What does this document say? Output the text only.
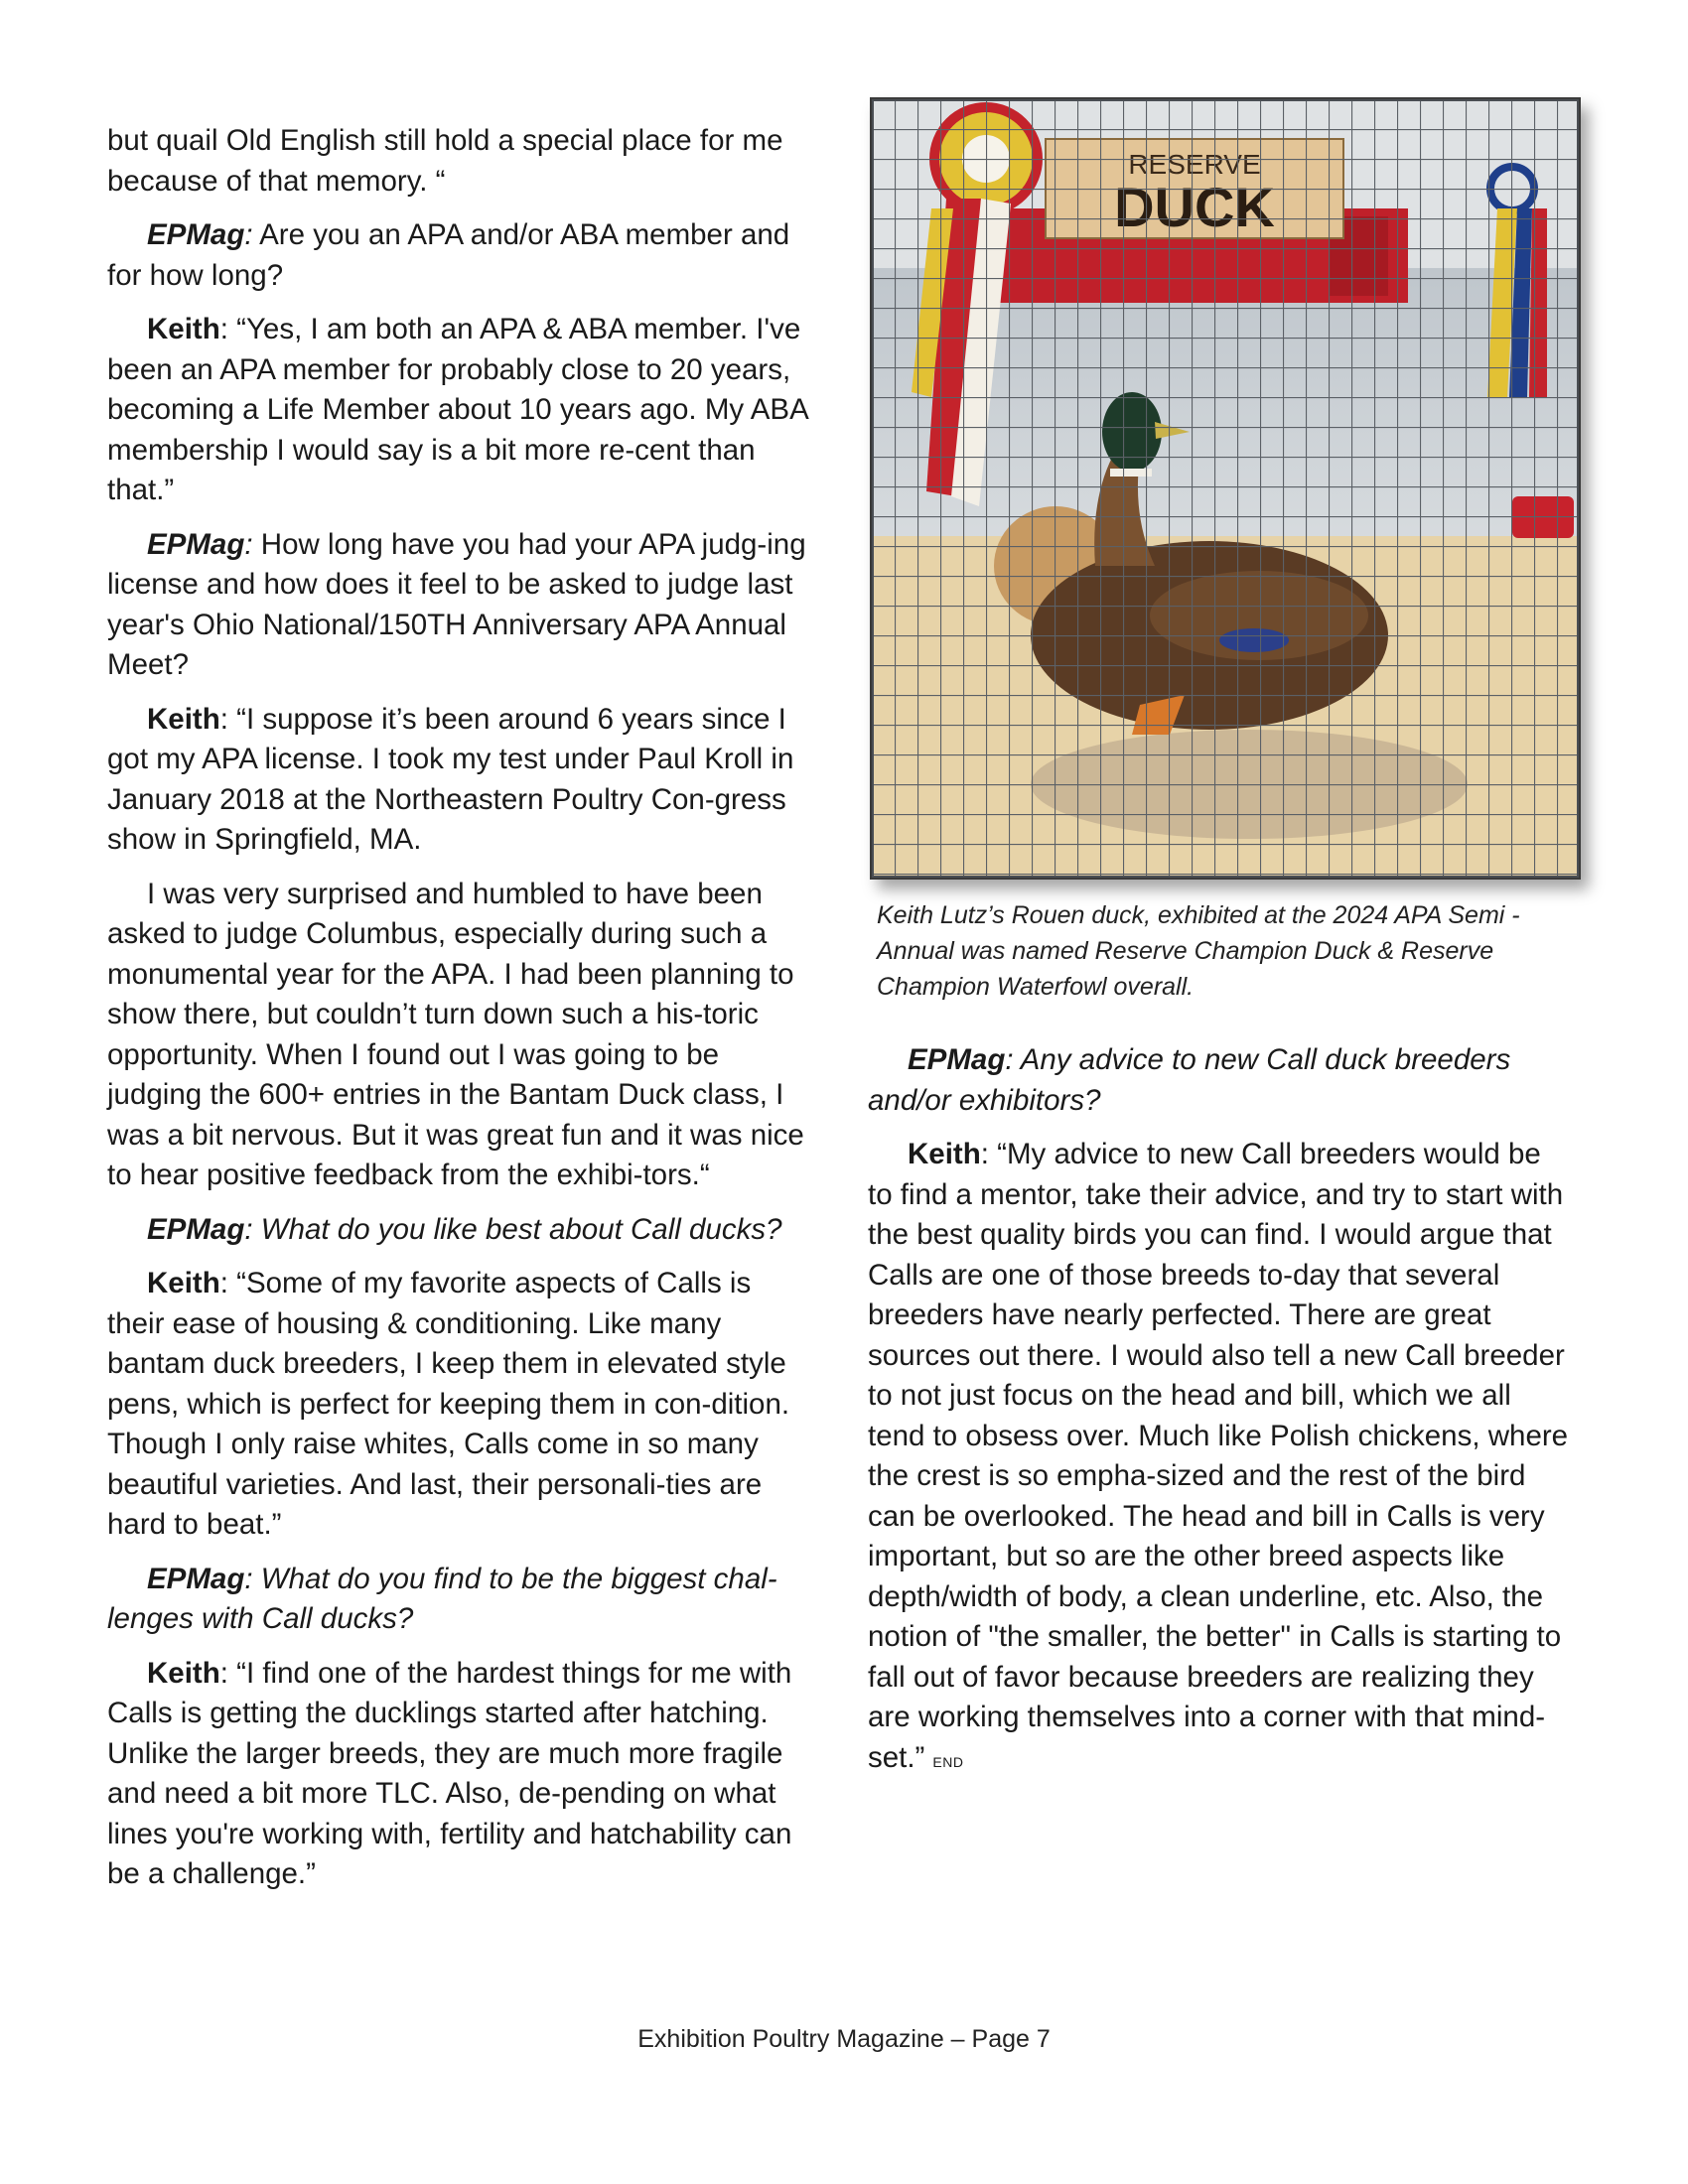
but quail Old English still hold a special place for me because of that memory. “

EPMag: Are you an APA and/or ABA member and for how long?

Keith: “Yes, I am both an APA & ABA member. I've been an APA member for probably close to 20 years, becoming a Life Member about 10 years ago. My ABA membership I would say is a bit more re-cent than that.”

EPMag: How long have you had your APA judg-ing license and how does it feel to be asked to judge last year's Ohio National/150TH Anniversary APA Annual Meet?

Keith: “I suppose it’s been around 6 years since I got my APA license. I took my test under Paul Kroll in January 2018 at the Northeastern Poultry Con-gress show in Springfield, MA.

I was very surprised and humbled to have been asked to judge Columbus, especially during such a monumental year for the APA. I had been planning to show there, but couldn’t turn down such a his-toric opportunity. When I found out I was going to be judging the 600+ entries in the Bantam Duck class, I was a bit nervous. But it was great fun and it was nice to hear positive feedback from the exhibi-tors.“

EPMag: What do you like best about Call ducks?

Keith: “Some of my favorite aspects of Calls is their ease of housing & conditioning. Like many bantam duck breeders, I keep them in elevated style pens, which is perfect for keeping them in con-dition. Though I only raise whites, Calls come in so many beautiful varieties. And last, their personali-ties are hard to beat.”

EPMag: What do you find to be the biggest chal-lenges with Call ducks?

Keith: “I find one of the hardest things for me with Calls is getting the ducklings started after hatching. Unlike the larger breeds, they are much more fragile and need a bit more TLC. Also, de-pending on what lines you're working with, fertility and hatchability can be a challenge.”

Keith Lutz’s Rouen duck, exhibited at the 2024 APA Semi -Annual was named Reserve Champion Duck & Reserve Champion Waterfowl overall.

EPMag: Any advice to new Call duck breeders and/or exhibitors?

Keith: “My advice to new Call breeders would be to find a mentor, take their advice, and try to start with the best quality birds you can find. I would argue that Calls are one of those breeds to-day that several breeders have nearly perfected. There are great sources out there. I would also tell a new Call breeder to not just focus on the head and bill, which we all tend to obsess over. Much like Polish chickens, where the crest is so empha-sized and the rest of the bird can be overlooked. The head and bill in Calls is very important, but so are the other breed aspects like depth/width of body, a clean underline, etc. Also, the notion of "the smaller, the better" in Calls is starting to fall out of favor because breeders are realizing they are working themselves into a corner with that mind-set.” END

Exhibition Poultry Magazine – Page 7
